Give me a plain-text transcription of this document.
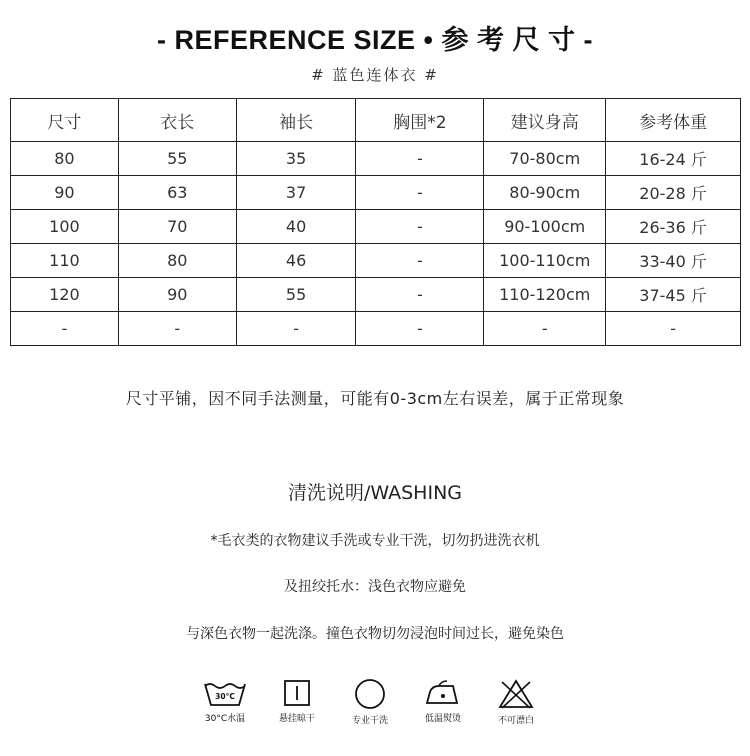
- REFERENCE SIZE • 参 考 尺 寸 -
# 蓝色连体衣 #
尺寸	衣长	袖长	胸围*2	建议身高	参考体重
80	55	35	-	70-80cm	16-24 斤
90	63	37	-	80-90cm	20-28 斤
100	70	40	-	90-100cm	26-36 斤
110	80	46	-	100-110cm	33-40 斤
120	90	55	-	110-120cm	37-45 斤
-	-	-	-	-	-
尺寸平铺，因不同手法测量，可能有0-3cm左右误差，属于正常现象
清洗说明/WASHING
*毛衣类的衣物建议手洗或专业干洗，切勿扔进洗衣机
及扭绞托水：浅色衣物应避免
与深色衣物一起洗涤。撞色衣物切勿浸泡时间过长，避免染色
30°C
30°C水温	悬挂晾干	专业干洗	低温熨烫	不可漂白
